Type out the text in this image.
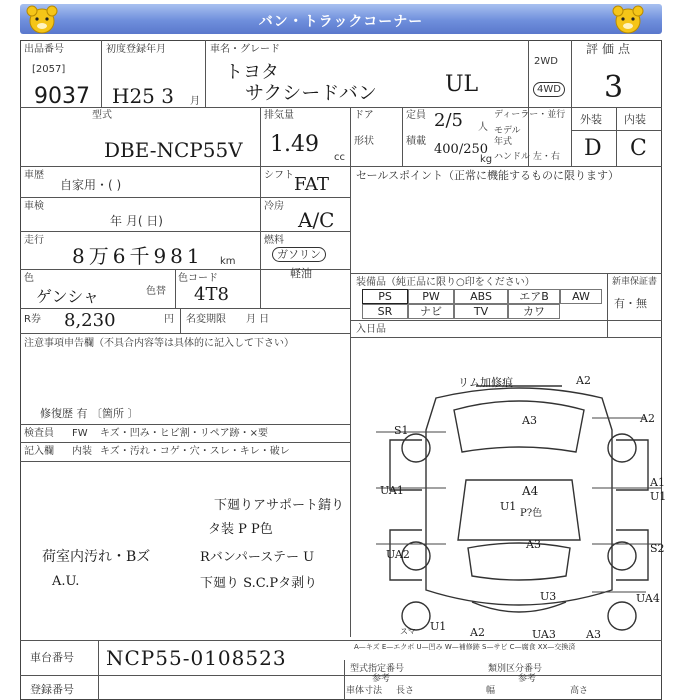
バン・トラックコーナー
出品番号
[2057]
9037
初度登録年月
H25 3 月
車名・グレード
トヨタ
サクシードバン	UL
2WD
4WD
評価点
3
外装 内装
D C
型式
DBE-NCP55V
排気量
1.49
cc
ドア	定員 2/5 人
ディーラー・並行
モデル 年式
形状	積載
400/250
kg ハンドル 左・右
車歴
自家用・( )
シフト FAT
車検
年 月( 日)
冷房
A/C
走行
8万6千981 km
燃料
ガソリン
軽油
色
ゲンシャ	色替
色コード
4T8
R券 8,230	円 名変期限 月 日
セールスポイント（正常に機能するものに限ります）
装備品（純正品に限り○印をください）	新車保証書
有・無
PS	PW	ABS	エアB	AW
SR	ナビ	TV	カワ
入日品
注意事項申告欄（不具合内容等は具体的に記入して下さい）
修復歴 有 〔箇所 〕
検査員
記入欄
FW キズ・凹み・ヒビ割・リペア跡・×要
内装 キズ・汚れ・コゲ・穴・スレ・キレ・破レ
下廻りアサポート錆り
タ装 P P色
Rバンパーステー U
下廻り S.C.Pタ剥り
荷室内汚れ・Bズ
A.U.
リム加修痕	A2
A3	A2
S1
A1
A4
U1
P?色
UA1	U1
A3
UA2	S2
U3	UA4
U1 A2	UA3	A3
スマ
A—キズ E—エクボ U—凹み W—補修跡 S—サビ C—腐食 XX—交換済
車台番号 NCP55-0108523
登録番号
型式指定番号
参考
類別区分番号
参考
車体寸法 長さ	幅	高さ
